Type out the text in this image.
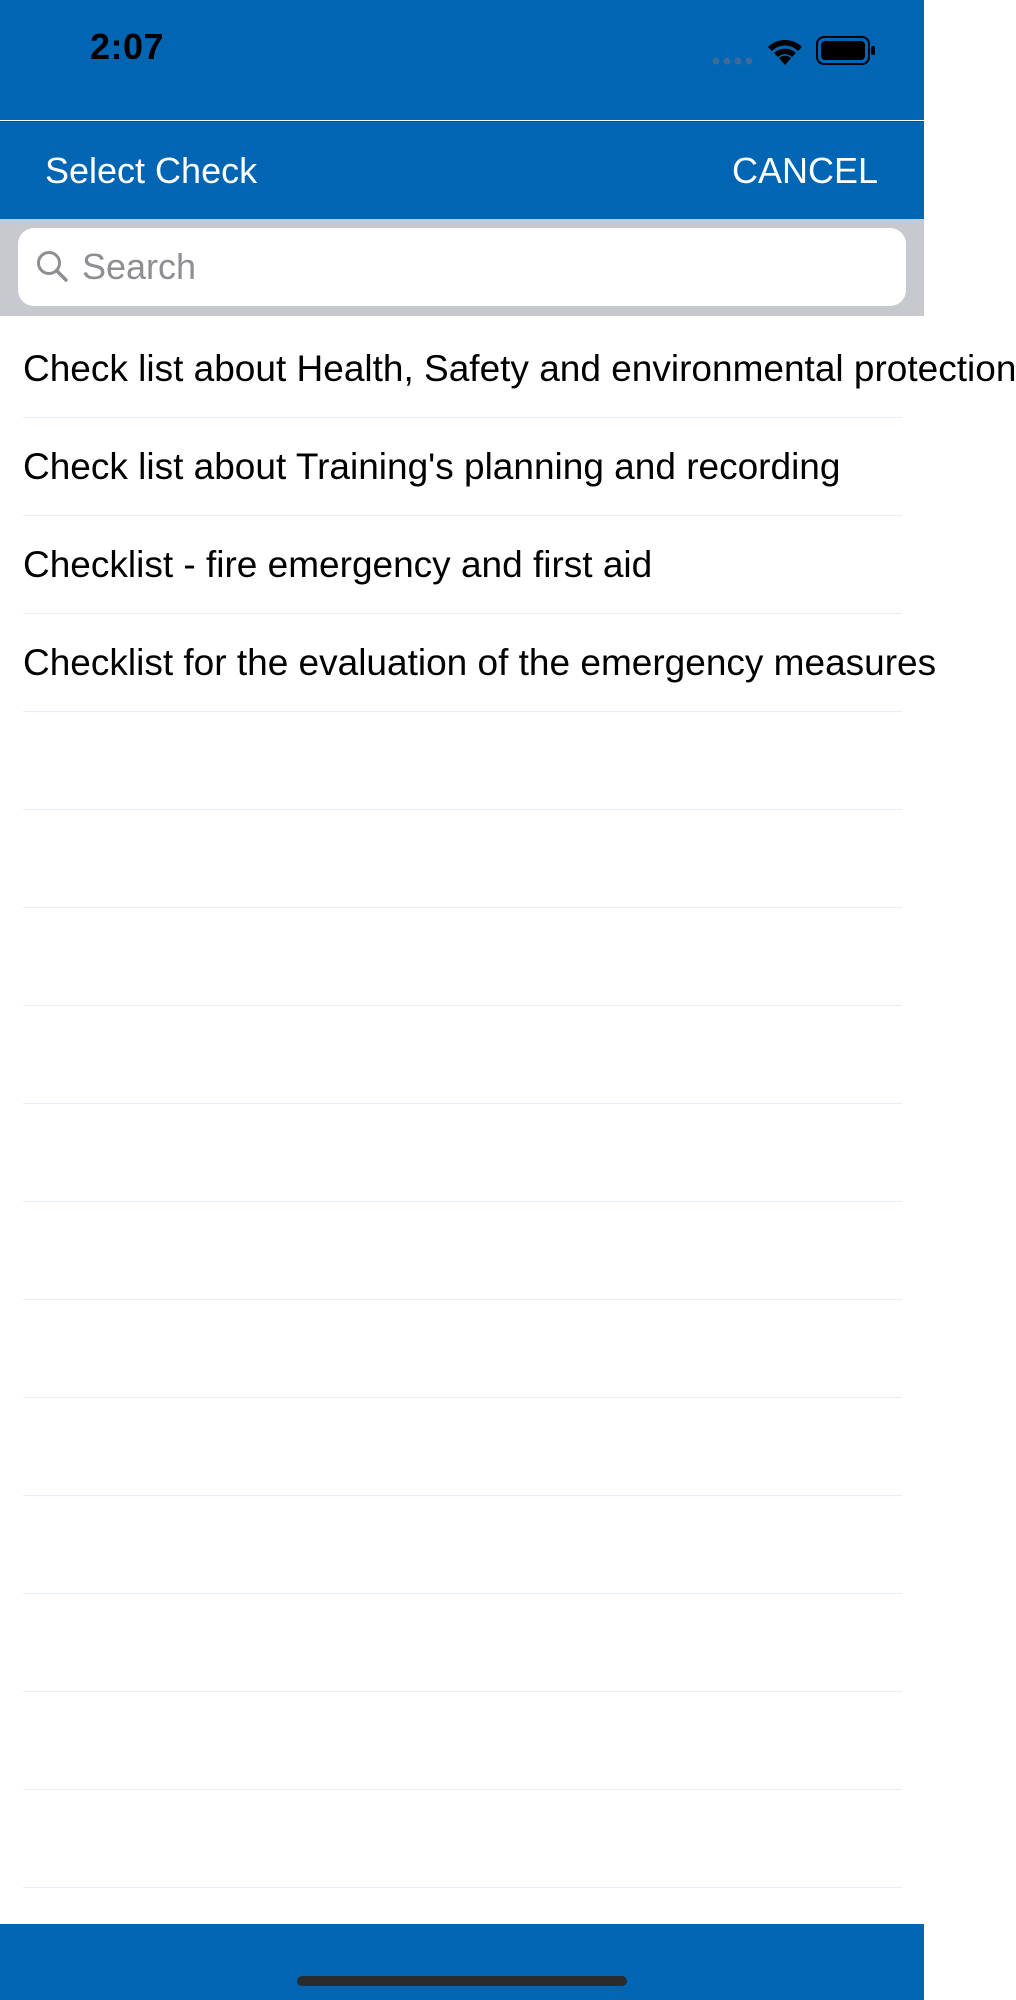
2:07
Select Check	CANCEL
Search
Check list about Health, Safety and environmental protection
Check list about Training's planning and recording
Checklist - fire emergency and first aid
Checklist for the evaluation of the emergency measures
